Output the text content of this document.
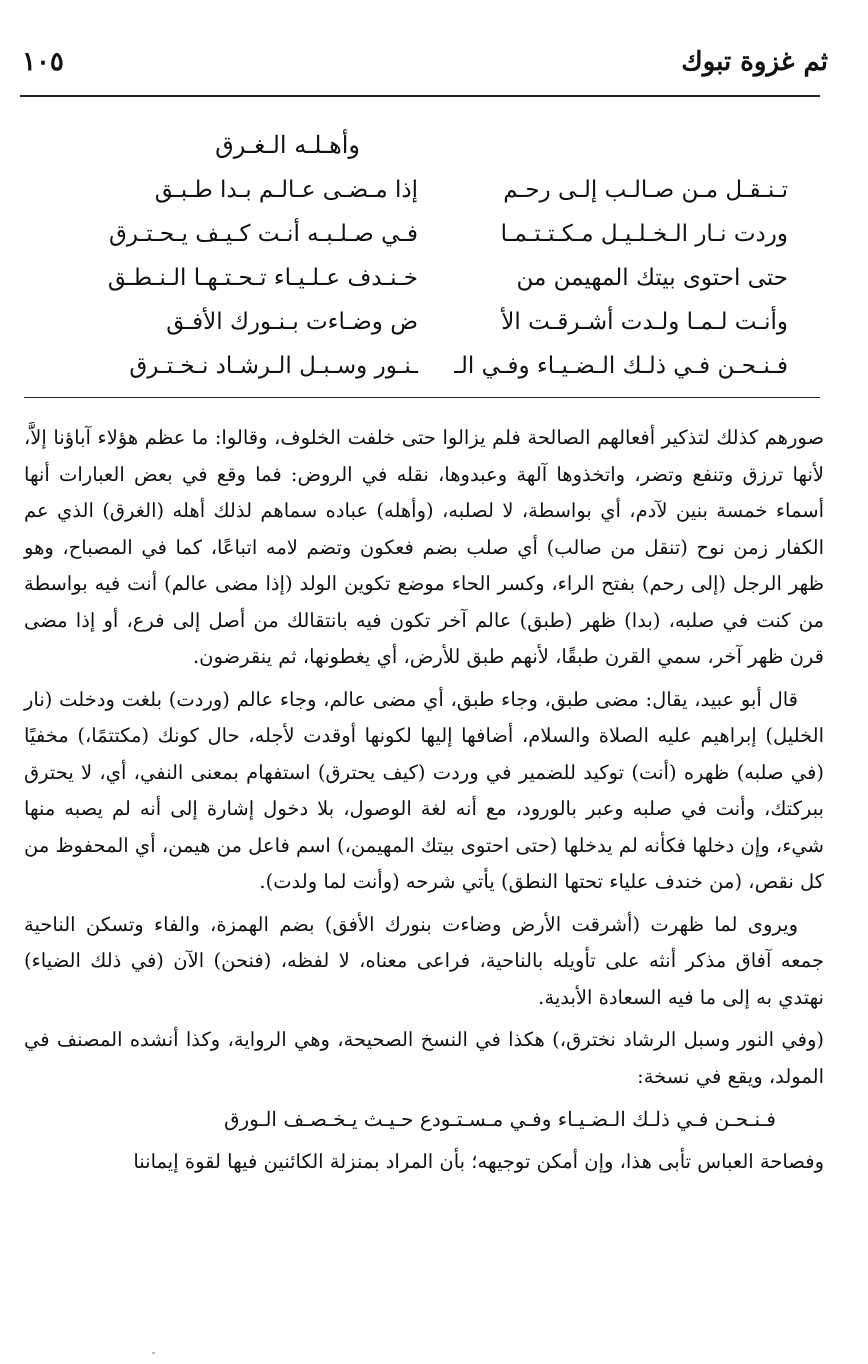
ثم غزوة تبوك
١٠٥
وأهـلـه الـغـرق
تـنـقـل مـن صـالـب إلـى رحـم
إذا مـضـى عـالـم بـدا طـبـق
وردت نـار الـخـلـيـل مـكـتـتـمـا
فـي صـلـبـه أنـت كـيـف يـحـتـرق
حتى احتوى بيتك المهيمن من
خـنـدف عـلـيـاء تـحـتـهـا الـنـطـق
وأنـت لـمـا ولـدت أشـرقـت الأ
ض وضـاءت بـنـورك الأفـق
فـنـحـن فـي ذلـك الـضـيـاء وفـي الـ
ـنـور وسـبـل الـرشـاد نـخـتـرق

صورهم كذلك لتذكير أفعالهم الصالحة فلم يزالوا حتى خلفت الخلوف، وقالوا: ما عظم هؤلاء آباؤنا إلاَّ، لأنها ترزق وتنفع وتضر، واتخذوها آلهة وعبدوها، نقله في الروض: فما وقع في بعض العبارات أنها أسماء خمسة بنين لآدم، أي بواسطة، لا لصلبه، (وأهله) عباده سماهم لذلك أهله (الغرق) الذي عم الكفار زمن نوح (تنقل من صالب) أي صلب بضم فعكون وتضم لامه اتباعًا، كما في المصباح، وهو ظهر الرجل (إلى رحم) بفتح الراء، وكسر الحاء موضع تكوين الولد (إذا مضى عالم) أنت فيه بواسطة من كنت في صلبه، (بدا) ظهر (طبق) عالم آخر تكون فيه بانتقالك من أصل إلى فرع، أو إذا مضى قرن ظهر آخر، سمي القرن طبقًا، لأنهم طبق للأرض، أي يغطونها، ثم ينقرضون.

قال أبو عبيد، يقال: مضى طبق، وجاء طبق، أي مضى عالم، وجاء عالم (وردت) بلغت ودخلت (نار الخليل) إبراهيم عليه الصلاة والسلام، أضافها إليها لكونها أوقدت لأجله، حال كونك (مكتتمًا،) مخفيًا (في صلبه) ظهره (أنت) توكيد للضمير في وردت (كيف يحترق) استفهام بمعنى النفي، أي، لا يحترق ببركتك، وأنت في صلبه وعبر بالورود، مع أنه لغة الوصول، بلا دخول إشارة إلى أنه لم يصبه منها شيء، وإن دخلها فكأنه لم يدخلها (حتى احتوى بيتك المهيمن،) اسم فاعل من هيمن، أي المحفوظ من كل نقص، (من خندف علياء تحتها النطق) يأتي شرحه (وأنت لما ولدت).

ويروى لما ظهرت (أشرقت الأرض وضاءت بنورك الأفق) بضم الهمزة، والفاء وتسكن الناحية جمعه آفاق مذكر أنثه على تأويله بالناحية، فراعى معناه، لا لفظه، (فنحن) الآن (في ذلك الضياء) نهتدي به إلى ما فيه السعادة الأبدية.

(وفي النور وسبل الرشاد نخترق،) هكذا في النسخ الصحيحة، وهي الرواية، وكذا أنشده المصنف في المولد، ويقع في نسخة:

فـنـحـن فـي ذلـك الـضـيـاء وفـي مـسـتـودع حـيـث يـخـصـف الـورق

وفصاحة العباس تأبى هذا، وإن أمكن توجيهه؛ بأن المراد بمنزلة الكائنين فيها لقوة إيماننا
